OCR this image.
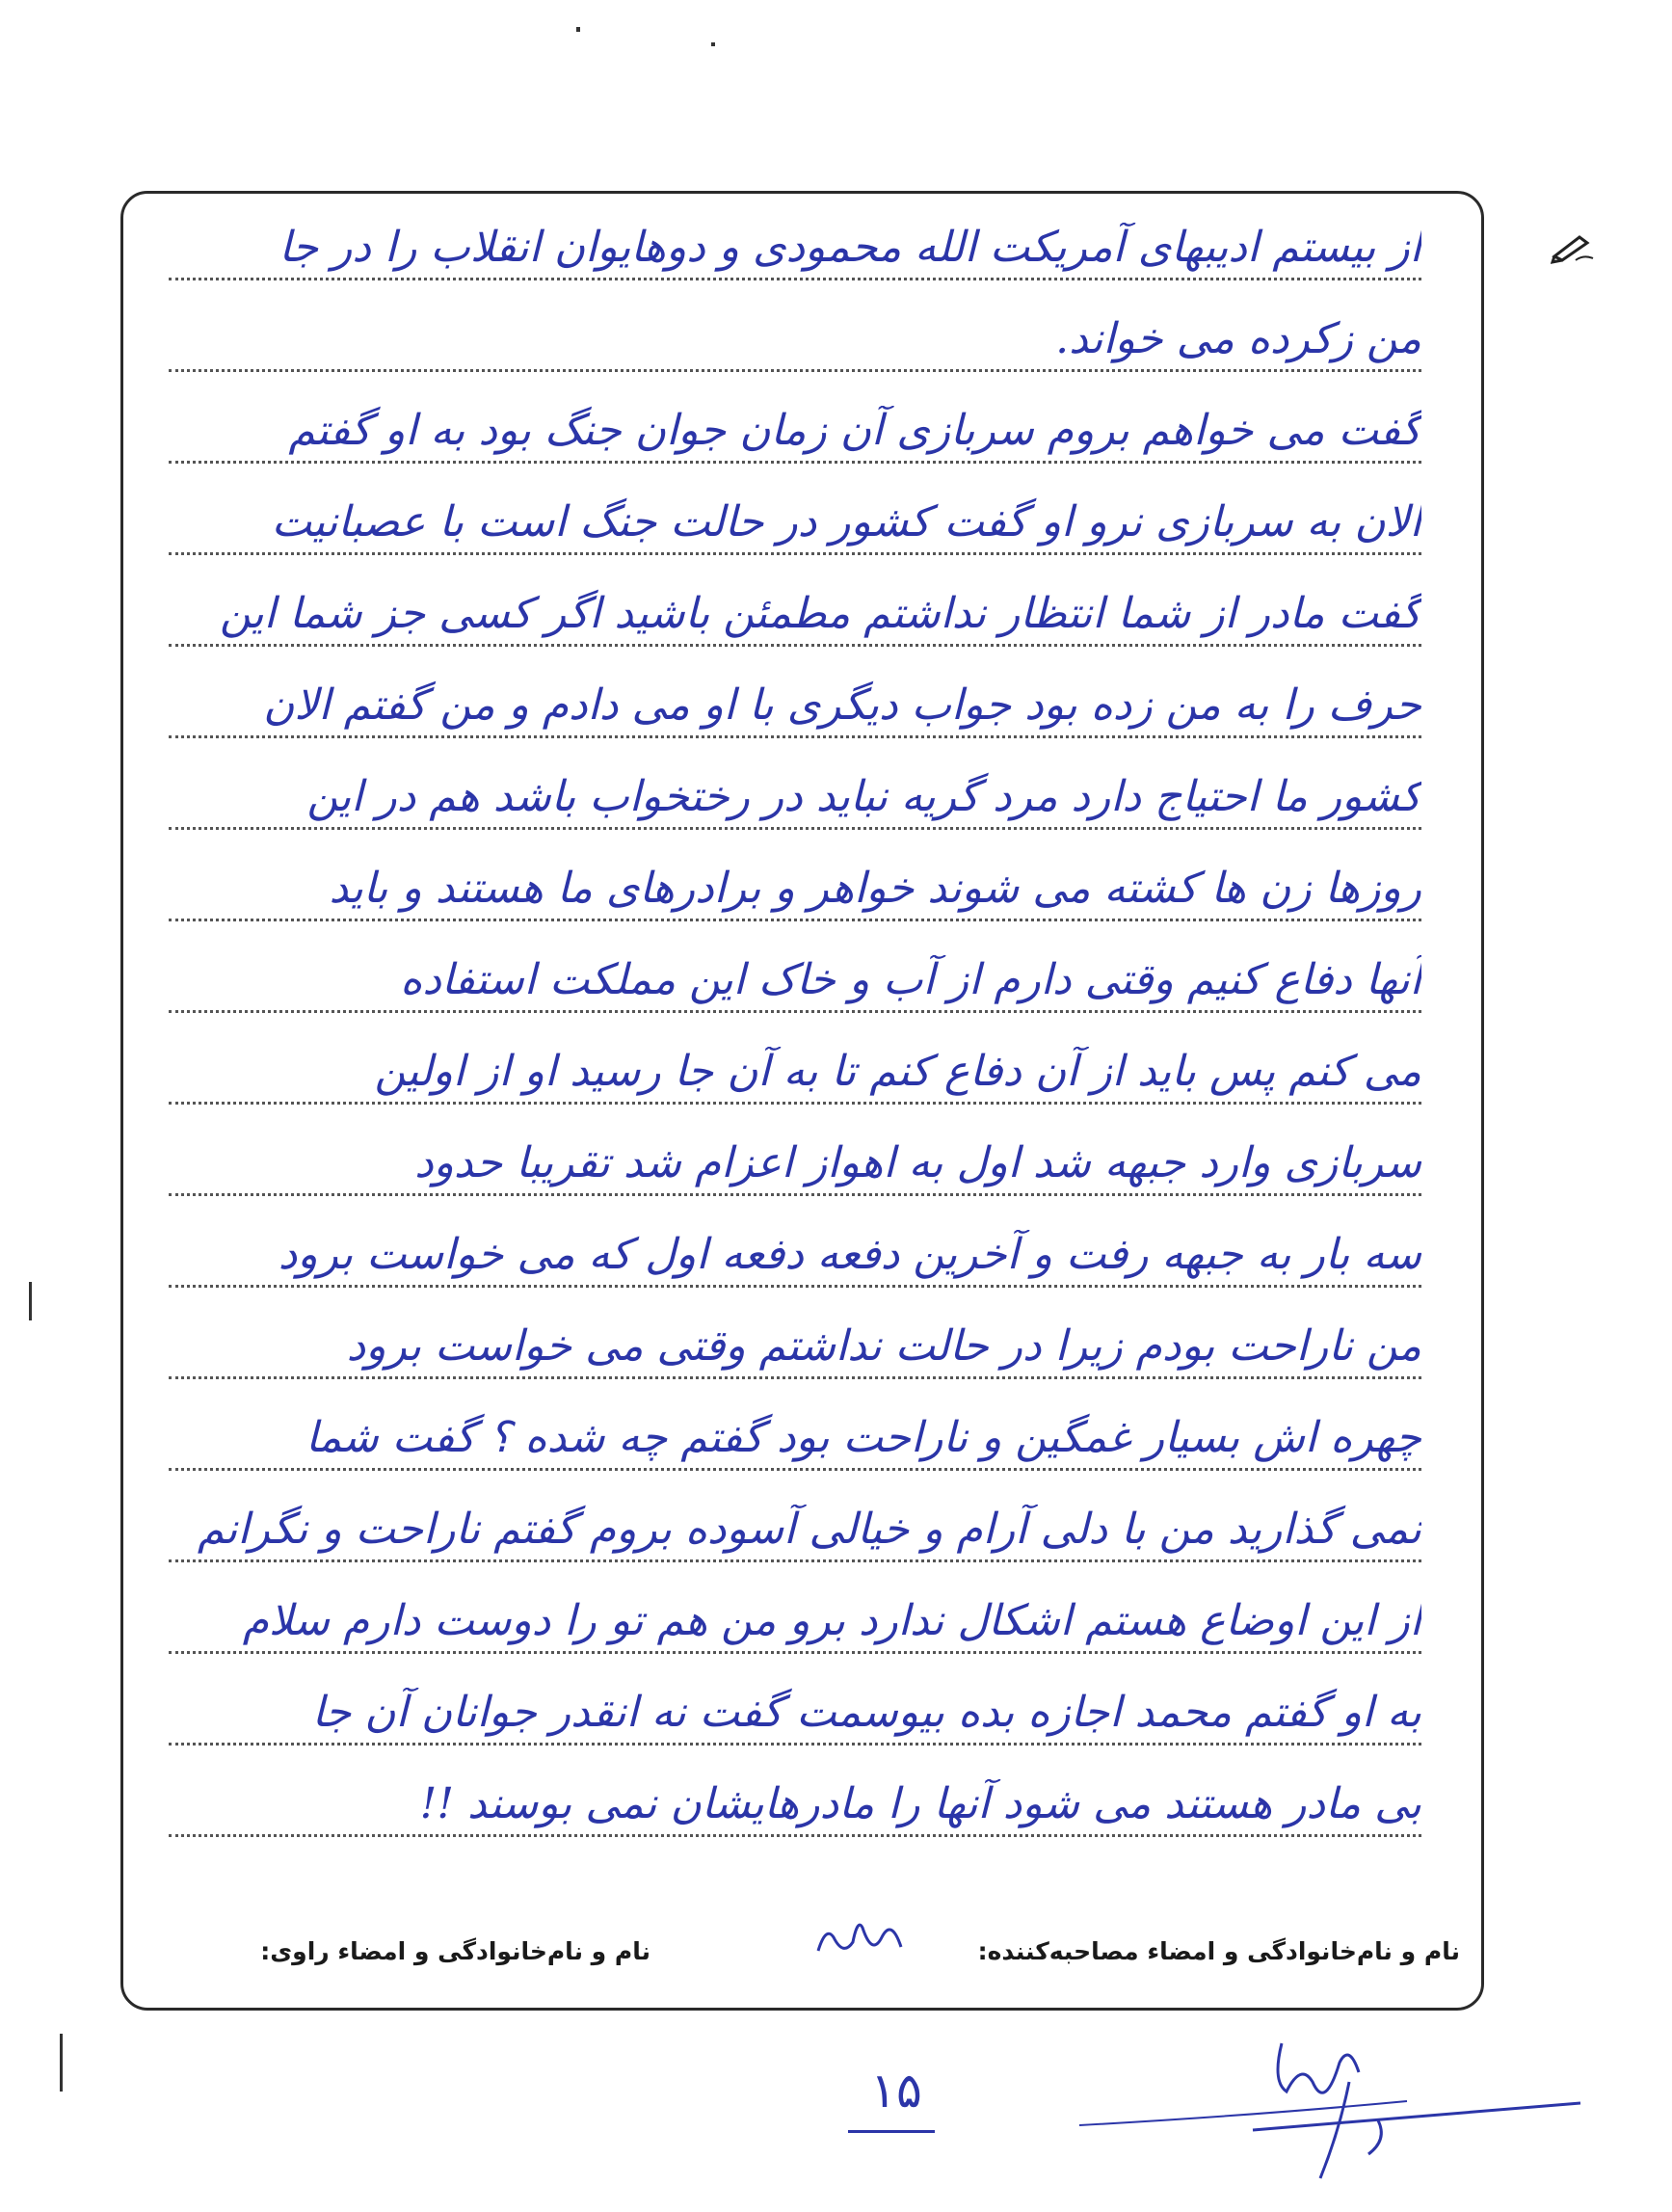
از بیستم ادیبهای آمریکت الله محمودی و دوهایوان انقلاب را در جا
من زکرده می خواند.
گفت می خواهم بروم سربازی آن زمان جوان جنگ بود به او گفتم
الان به سربازی نرو او گفت کشور در حالت جنگ است با عصبانیت
گفت مادر از شما انتظار نداشتم مطمئن باشید اگر کسی جز شما این
حرف را به من زده بود جواب دیگری با او می دادم و من گفتم الان
کشور ما احتیاج دارد مرد گریه نباید در رختخواب باشد هم در این
روزها زن ها کشته می شوند خواهر و برادرهای ما هستند و باید
آنها دفاع کنیم وقتی دارم از آب و خاک این مملکت استفاده
می کنم پس باید از آن دفاع کنم تا به آن جا رسید او از اولین
سربازی وارد جبهه شد اول به اهواز اعزام شد تقریبا حدود
سه بار به جبهه رفت و آخرین دفعه دفعه اول که می خواست برود
من ناراحت بودم زیرا در حالت نداشتم وقتی می خواست برود
چهره اش بسیار غمگین و ناراحت بود گفتم چه شده ؟ گفت شما
نمی گذارید من با دلی آرام و خیالی آسوده بروم گفتم ناراحت و نگرانم
از این اوضاع هستم اشکال ندارد برو من هم تو را دوست دارم سلام
به او گفتم محمد اجازه بده بیوسمت گفت نه انقدر جوانان آن جا
بی مادر هستند می شود آنها را مادرهایشان نمی بوسند !!
نام و نام‌خانوادگی و امضاء مصاحبه‌کننده:
نام و نام‌خانوادگی و امضاء راوی:
۱۵
